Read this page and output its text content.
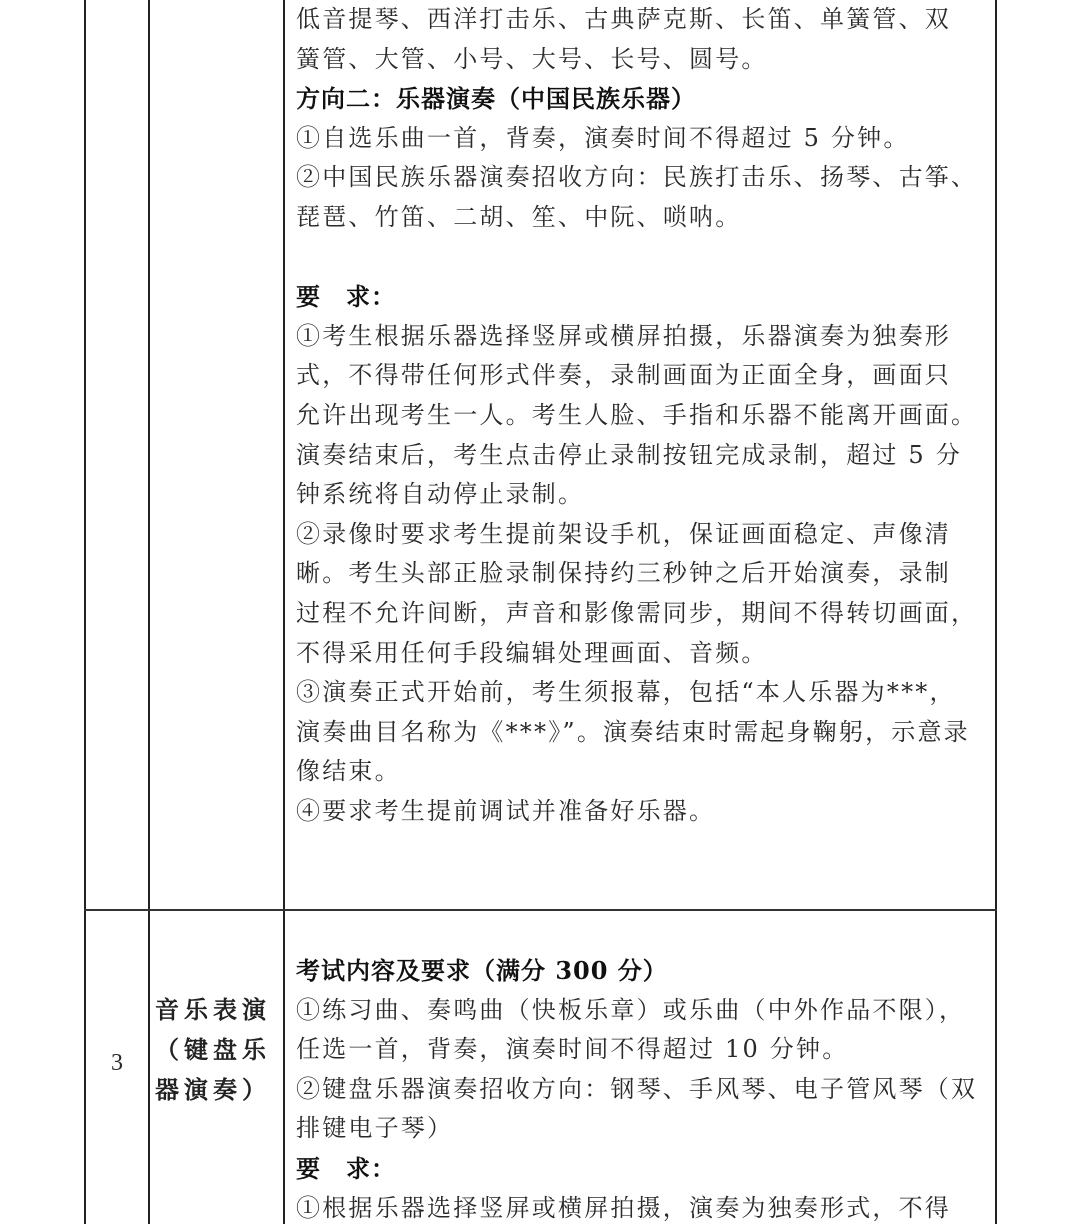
低音提琴、西洋打击乐、古典萨克斯、长笛、单簧管、双
簧管、大管、小号、大号、长号、圆号。
方向二：乐器演奏（中国民族乐器）
①自选乐曲一首，背奏，演奏时间不得超过 5 分钟。
②中国民族乐器演奏招收方向：民族打击乐、扬琴、古筝、
琵琶、竹笛、二胡、笙、中阮、唢呐。
要　求：
①考生根据乐器选择竖屏或横屏拍摄，乐器演奏为独奏形
式，不得带任何形式伴奏，录制画面为正面全身，画面只
允许出现考生一人。考生人脸、手指和乐器不能离开画面。
演奏结束后，考生点击停止录制按钮完成录制，超过 5 分
钟系统将自动停止录制。
②录像时要求考生提前架设手机，保证画面稳定、声像清
晰。考生头部正脸录制保持约三秒钟之后开始演奏，录制
过程不允许间断，声音和影像需同步，期间不得转切画面，
不得采用任何手段编辑处理画面、音频。
③演奏正式开始前，考生须报幕，包括“本人乐器为***，
演奏曲目名称为《***》”。演奏结束时需起身鞠躬，示意录
像结束。
④要求考生提前调试并准备好乐器。
3
音乐表演
（键盘乐
器演奏）
考试内容及要求（满分 300 分）
①练习曲、奏鸣曲（快板乐章）或乐曲（中外作品不限），
任选一首，背奏，演奏时间不得超过 10 分钟。
②键盘乐器演奏招收方向：钢琴、手风琴、电子管风琴（双
排键电子琴）
要　求：
①根据乐器选择竖屏或横屏拍摄，演奏为独奏形式，不得
